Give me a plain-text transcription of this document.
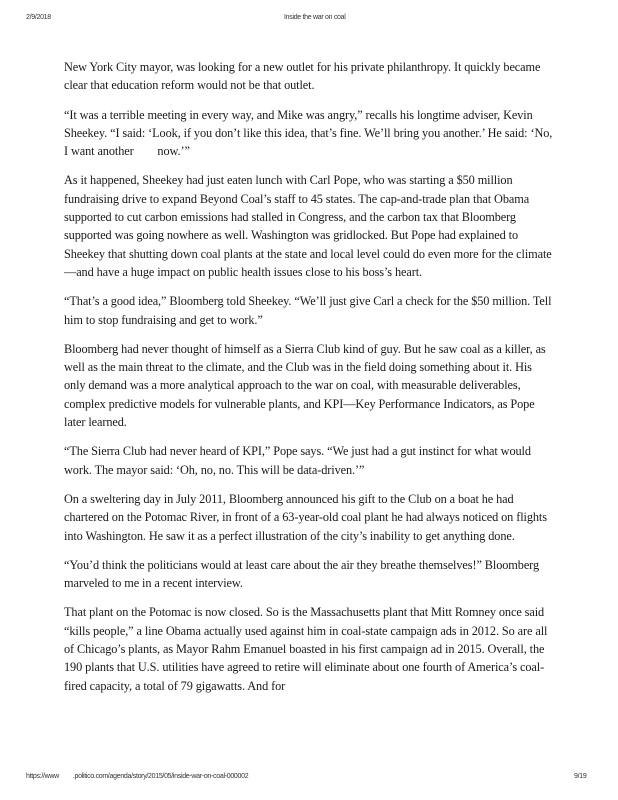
2/9/2018	Inside the war on coal

New York City mayor, was looking for a new outlet for his private philanthropy. It quickly became clear that education reform would not be that outlet.

“It was a terrible meeting in every way, and Mike was angry,” recalls his longtime adviser, Kevin Sheekey. “I said: ‘Look, if you don’t like this idea, that’s fine. We’ll bring you another.’ He said: ‘No, I want another        now.’”

As it happened, Sheekey had just eaten lunch with Carl Pope, who was starting a $50 million fundraising drive to expand Beyond Coal’s staff to 45 states. The cap-and-trade plan that Obama supported to cut carbon emissions had stalled in Congress, and the carbon tax that Bloomberg supported was going nowhere as well. Washington was gridlocked. But Pope had explained to Sheekey that shutting down coal plants at the state and local level could do even more for the climate—and have a huge impact on public health issues close to his boss’s heart.

“That’s a good idea,” Bloomberg told Sheekey. “We’ll just give Carl a check for the $50 million. Tell him to stop fundraising and get to work.”

Bloomberg had never thought of himself as a Sierra Club kind of guy. But he saw coal as a killer, as well as the main threat to the climate, and the Club was in the field doing something about it. His only demand was a more analytical approach to the war on coal, with measurable deliverables, complex predictive models for vulnerable plants, and KPI—Key Performance Indicators, as Pope later learned.

“The Sierra Club had never heard of KPI,” Pope says. “We just had a gut instinct for what would work. The mayor said: ‘Oh, no, no. This will be data-driven.’”

On a sweltering day in July 2011, Bloomberg announced his gift to the Club on a boat he had chartered on the Potomac River, in front of a 63-year-old coal plant he had always noticed on flights into Washington. He saw it as a perfect illustration of the city’s inability to get anything done.

“You’d think the politicians would at least care about the air they breathe themselves!” Bloomberg marveled to me in a recent interview.

That plant on the Potomac is now closed. So is the Massachusetts plant that Mitt Romney once said “kills people,” a line Obama actually used against him in coal-state campaign ads in 2012. So are all of Chicago’s plants, as Mayor Rahm Emanuel boasted in his first campaign ad in 2015. Overall, the 190 plants that U.S. utilities have agreed to retire will eliminate about one fourth of America’s coal-fired capacity, a total of 79 gigawatts. And for

https://www .politico.com/agenda/story/2015/05/inside-war-on-coal-000002	9/19
